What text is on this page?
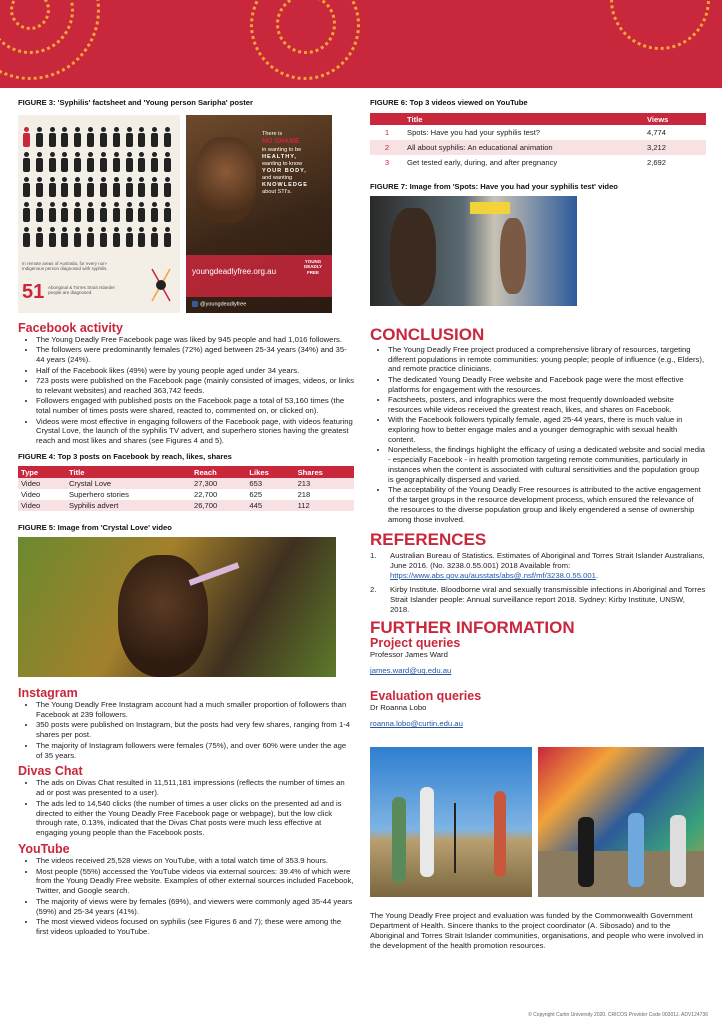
FIGURE 3: 'Syphilis' factsheet and 'Young person Saripha' poster
In remote areas of Australia, for every non-Indigenous person diagnosed with syphilis,
51 Aboriginal & Torres Strait Islander people are diagnosed.
There is
NO SHAME
in wanting to be
HEALTHY,
wanting to know
YOUR BODY,
and wanting
KNOWLEDGE
about STI's.
youngdeadlyfree.org.au
YOUNG DEADLY FREE
@youngdeadlyfree
Facebook activity
• The Young Deadly Free Facebook page was liked by 945 people and had 1,016 followers.
• The followers were predominantly females (72%) aged between 25-34 years (34%) and 35-44 years (24%).
• Half of the Facebook likes (49%) were by young people aged under 34 years.
• 723 posts were published on the Facebook page (mainly consisted of images, videos, or links to relevant websites) and reached 363,742 feeds.
• Followers engaged with published posts on the Facebook page a total of 53,160 times (the total number of times posts were shared, reacted to, commented on, or clicked on).
• Videos were most effective in engaging followers of the Facebook page, with videos featuring Crystal Love, the launch of the syphilis TV advert, and superhero stories having the greatest reach and most likes and shares (see Figures 4 and 5).
FIGURE 4: Top 3 posts on Facebook by reach, likes, shares
Type	Title	Reach	Likes	Shares
Video	Crystal Love	27,300	653	213
Video	Superhero stories	22,700	625	218
Video	Syphilis advert	26,700	445	112
FIGURE 5: Image from 'Crystal Love' video
Instagram
• The Young Deadly Free Instagram account had a much smaller proportion of followers than Facebook at 239 followers.
• 350 posts were published on Instagram, but the posts had very few shares, ranging from 1-4 shares per post.
• The majority of Instagram followers were females (75%), and over 60% were under the age of 35 years.
Divas Chat
• The ads on Divas Chat resulted in 11,511,181 impressions (reflects the number of times an ad or post was presented to a user).
• The ads led to 14,540 clicks (the number of times a user clicks on the presented ad and is directed to either the Young Deadly Free Facebook page or webpage), but the low click through rate, 0.13%, indicated that the Divas Chat posts were much less effective at engaging young people than the Facebook posts.
YouTube
• The videos received 25,528 views on YouTube, with a total watch time of 353.9 hours.
• Most people (55%) accessed the YouTube videos via external sources: 39.4% of which were from the Young Deadly Free website. Examples of other external sources included Facebook, Twitter, and Google search.
• The majority of views were by females (69%), and viewers were commonly aged 35-44 years (59%) and 25-34 years (41%).
• The most viewed videos focused on syphilis (see Figures 6 and 7); these were among the first videos uploaded to YouTube.
FIGURE 6: Top 3 videos viewed on YouTube
	Title	Views
1	Spots: Have you had your syphilis test?	4,774
2	All about syphilis: An educational animation	3,212
3	Get tested early, during, and after pregnancy	2,692
FIGURE 7: Image from 'Spots: Have you had your syphilis test' video
CONCLUSION
• The Young Deadly Free project produced a comprehensive library of resources, targeting different populations in remote communities: young people; people of influence (e.g., Elders), and remote practice clinicians.
• The dedicated Young Deadly Free website and Facebook page were the most effective platforms for engagement with the resources.
• Factsheets, posters, and infographics were the most frequently downloaded website resources while videos received the greatest reach, likes, and shares on Facebook.
• With the Facebook followers typically female, aged 25-44 years, there is much value in exploring how to better engage males and a younger demographic with sexual health content.
• Nonetheless, the findings highlight the efficacy of using a dedicated website and social media - especially Facebook - in health promotion targeting remote communities, particularly in instances when the content is associated with cultural sensitivities and the population group is geographically dispersed and varied.
• The acceptability of the Young Deadly Free resources is attributed to the active engagement of the target groups in the resource development process, which ensured the relevance of the resources to the diverse population group and likely engendered a sense of ownership among those involved.
REFERENCES
1.	Australian Bureau of Statistics. Estimates of Aboriginal and Torres Strait Islander Australians, June 2016. (No. 3238.0.55.001) 2018 Available from: https://www.abs.gov.au/ausstats/abs@.nsf/mf/3238.0.55.001.
2.	Kirby Institute. Bloodborne viral and sexually transmissible infections in Aboriginal and Torres Strait Islander people: Annual surveillance report 2018. Sydney: Kirby Institute, UNSW, 2018.
FURTHER INFORMATION
Project queries

Professor James Ward

james.ward@uq.edu.au
Evaluation queries

Dr Roanna Lobo

roanna.lobo@curtin.edu.au

The Young Deadly Free project and evaluation was funded by the Commonwealth Government Department of Health. Sincere thanks to the project coordinator (A. Sibosado) and to the Aboriginal and Torres Strait Islander communities, organisations, and people who were involved in the development of the health promotion resources.

© Copyright Curtin University 2020. CRICOS Provider Code 00301J. ADV124736
